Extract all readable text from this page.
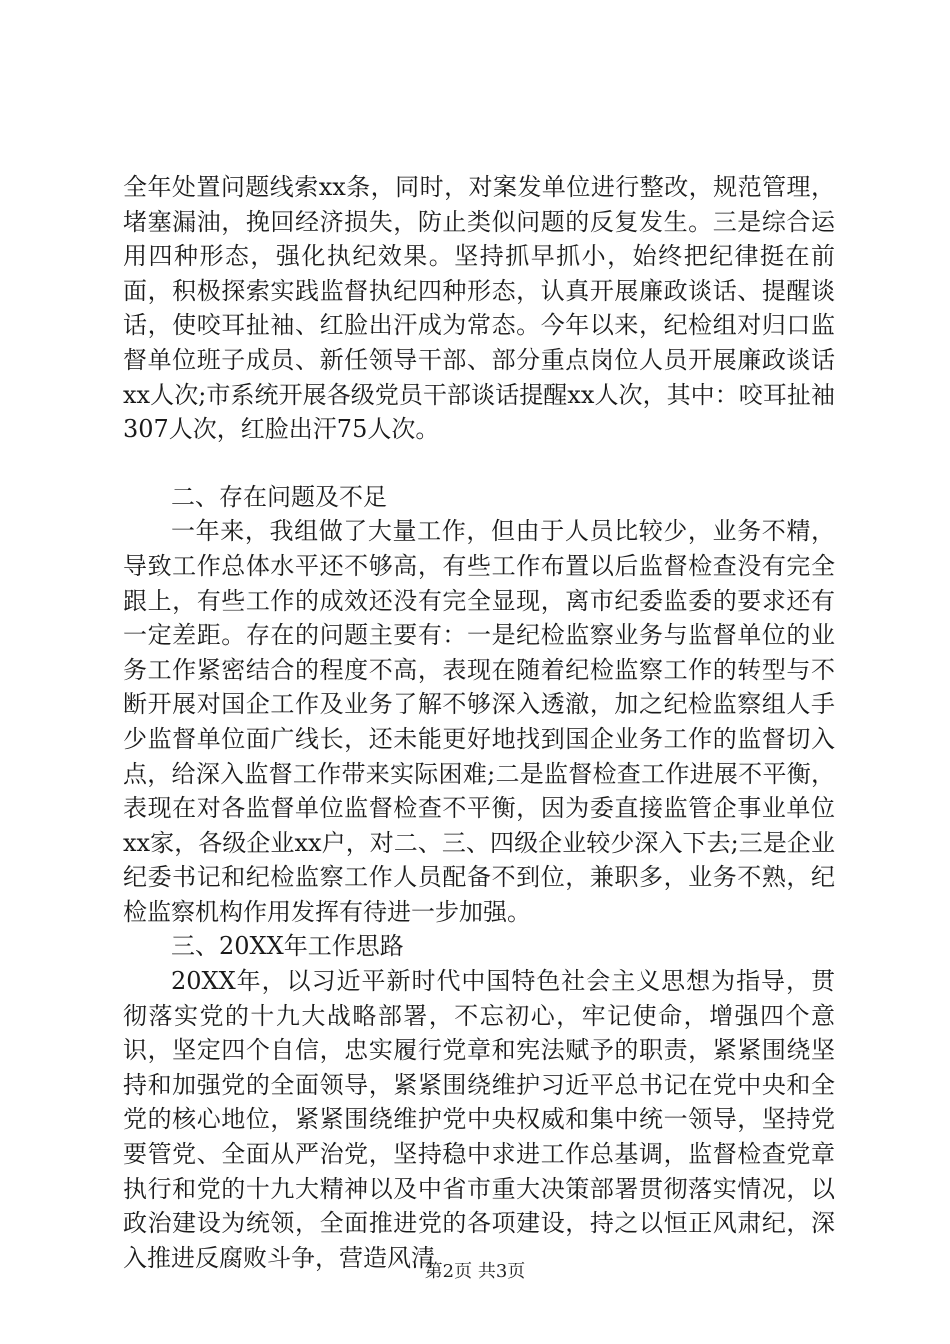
全年处置问题线索xx条，同时，对案发单位进行整改，规范管理，堵塞漏油，挽回经济损失，防止类似问题的反复发生。三是综合运用四种形态，强化执纪效果。坚持抓早抓小，始终把纪律挺在前面，积极探索实践监督执纪四种形态，认真开展廉政谈话、提醒谈话，使咬耳扯袖、红脸出汗成为常态。今年以来，纪检组对归口监督单位班子成员、新任领导干部、部分重点岗位人员开展廉政谈话xx人次;市系统开展各级党员干部谈话提醒xx人次，其中：咬耳扯袖307人次，红脸出汗75人次。

二、存在问题及不足

一年来，我组做了大量工作，但由于人员比较少，业务不精，导致工作总体水平还不够高，有些工作布置以后监督检查没有完全跟上，有些工作的成效还没有完全显现，离市纪委监委的要求还有一定差距。存在的问题主要有：一是纪检监察业务与监督单位的业务工作紧密结合的程度不高，表现在随着纪检监察工作的转型与不断开展对国企工作及业务了解不够深入透澈，加之纪检监察组人手少监督单位面广线长，还未能更好地找到国企业务工作的监督切入点，给深入监督工作带来实际困难;二是监督检查工作进展不平衡，表现在对各监督单位监督检查不平衡，因为委直接监管企事业单位xx家，各级企业xx户，对二、三、四级企业较少深入下去;三是企业纪委书记和纪检监察工作人员配备不到位，兼职多，业务不熟，纪检监察机构作用发挥有待进一步加强。

三、20XX年工作思路

20XX年，以习近平新时代中国特色社会主义思想为指导，贯彻落实党的十九大战略部署，不忘初心，牢记使命，增强四个意识，坚定四个自信，忠实履行党章和宪法赋予的职责，紧紧围绕坚持和加强党的全面领导，紧紧围绕维护习近平总书记在党中央和全党的核心地位，紧紧围绕维护党中央权威和集中统一领导，坚持党要管党、全面从严治党，坚持稳中求进工作总基调，监督检查党章执行和党的十九大精神以及中省市重大决策部署贯彻落实情况，以政治建设为统领，全面推进党的各项建设，持之以恒正风肃纪，深入推进反腐败斗争，营造风清

第2页 共3页
